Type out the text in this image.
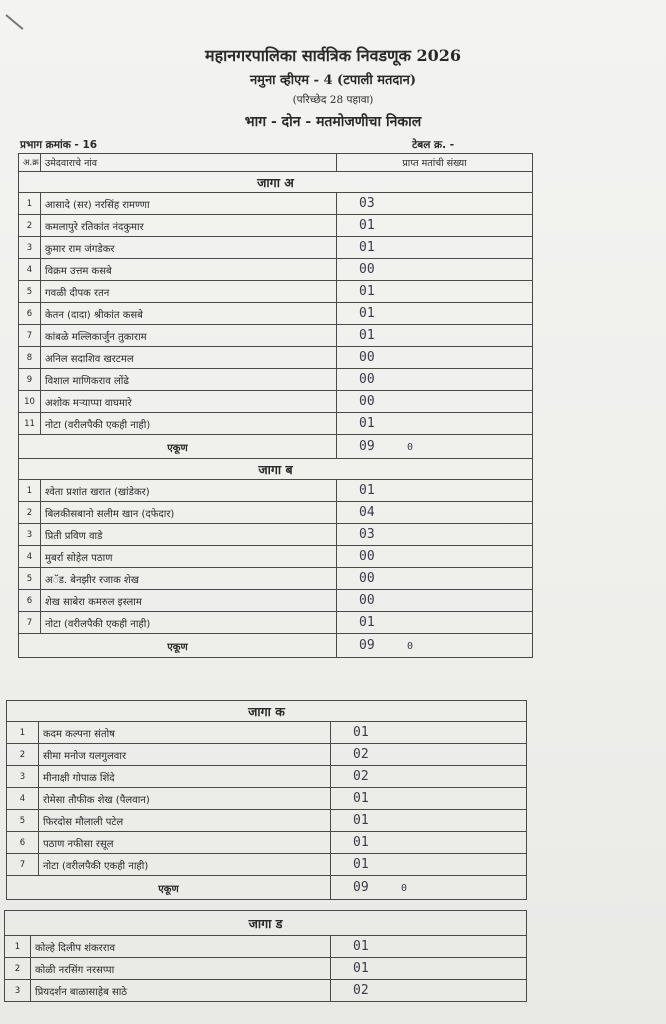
महानगरपालिका सार्वत्रिक निवडणूक 2026
नमुना व्हीएम - 4 (टपाली मतदान)
(परिच्छेद 28 पहावा)
भाग - दोन - मतमोजणीचा निकाल
प्रभाग क्रमांक - 16	टेबल क्र. -
अ.क्र	उमेदवाराचे नांव	प्राप्त मतांची संख्या
जागा अ		
1	आसादे (सर) नरसिंह रामण्णा	03
2	कमलापुरे रतिकांत नंदकुमार	01
3	कुमार राम जंगडेकर	01
4	विक्रम उत्तम कसबे	00
5	गवळी दीपक रतन	01
6	केतन (दादा) श्रीकांत कसबे	01
7	कांबळे मल्लिकार्जुन तुकाराम	01
8	अनिल सदाशिव खरटमल	00
9	विशाल माणिकराव लोंढे	00
10	अशोक मऱ्याप्पा वाघमारे	00
11	नोटा (वरीलपैकी एकही नाही)	01
एकूण		09 0
जागा ब		
1	श्वेता प्रशांत खरात (खांडेकर)	01
2	बिलकीसबानो सलीम खान (दफेदार)	04
3	प्रिती प्रविण वाडे	03
4	मुबर्रा सोहेल पठाण	00
5	अॅड. बेनझीर रजाक शेख	00
6	शेख साबेरा कमरुल इस्लाम	00
7	नोटा (वरीलपैकी एकही नाही)	01
एकूण		09 0
जागा क		
1	कदम कल्पना संतोष	01
2	सीमा मनोज यलगुलवार	02
3	मीनाक्षी गोपाळ शिंदे	02
4	रोमेसा तौफीक शेख (पैलवान)	01
5	फिरदोस मौलाली पटेल	01
6	पठाण नफीसा रसूल	01
7	नोटा (वरीलपैकी एकही नाही)	01
एकूण		09 0
जागा ड		
1	कोल्हे दिलीप शंकरराव	01
2	कोळी नरसिंग नरसप्पा	01
3	प्रियदर्शन बाळासाहेब साठे	02
